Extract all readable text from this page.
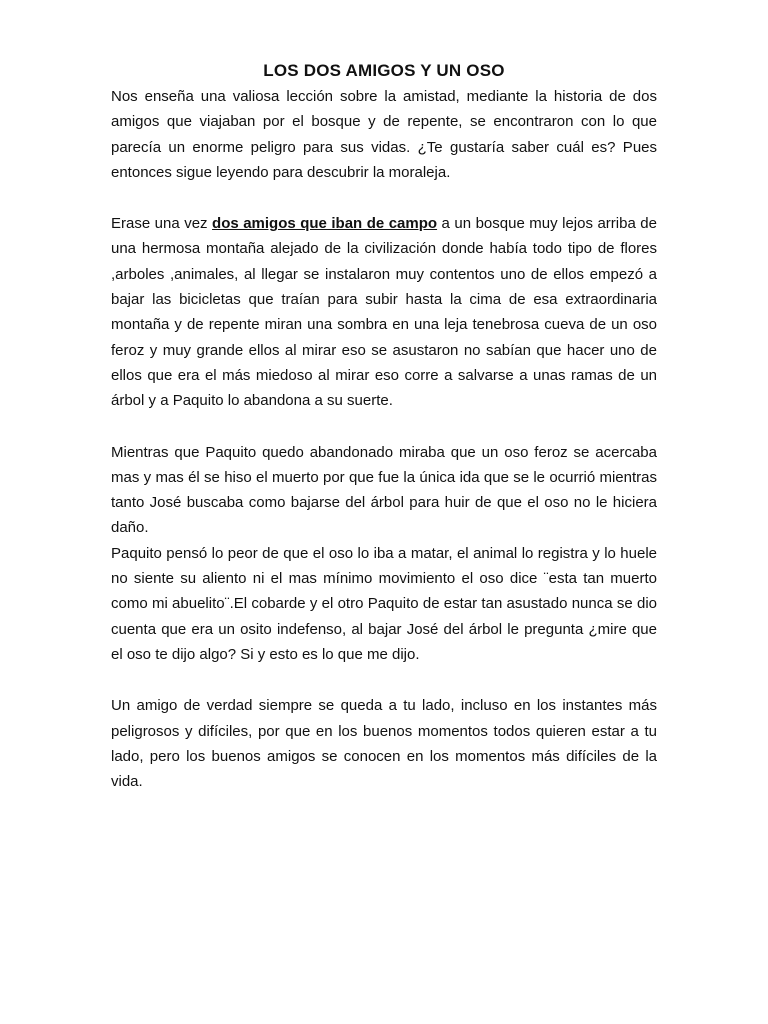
LOS DOS AMIGOS Y UN OSO

Nos enseña una valiosa lección sobre la amistad, mediante la historia de dos amigos que viajaban por el bosque y de repente, se encontraron con lo que parecía un enorme peligro para sus vidas. ¿Te gustaría saber cuál es? Pues entonces sigue leyendo para descubrir la moraleja.

Erase una vez dos amigos que iban de campo a un bosque muy lejos arriba de una hermosa montaña alejado de la civilización donde había todo tipo de flores ,arboles ,animales, al llegar se instalaron muy contentos uno de ellos empezó a bajar las bicicletas que traían para subir hasta la cima de esa extraordinaria montaña y de repente miran una sombra en una leja tenebrosa cueva de un oso feroz y muy grande ellos al mirar eso se asustaron no sabían que hacer uno de ellos que era el más miedoso al mirar eso corre a salvarse a unas ramas de un árbol y a Paquito lo abandona a su suerte.

Mientras que Paquito quedo abandonado miraba que un oso feroz se acercaba mas y mas él se hiso el muerto por que fue la única ida que se le ocurrió mientras tanto José buscaba como bajarse del árbol para huir de que el oso no le hiciera daño.

Paquito pensó lo peor de que el oso lo iba a matar, el animal lo registra y lo huele no siente su aliento ni el mas mínimo movimiento el oso dice ¨esta tan muerto como mi abuelito¨.El cobarde y el otro Paquito de estar tan asustado nunca se dio cuenta que era un osito indefenso, al bajar José del árbol le pregunta ¿mire que el oso te dijo algo? Si y esto es lo que me dijo.

Un amigo de verdad siempre se queda a tu lado, incluso en los instantes más peligrosos y difíciles, por que en los buenos momentos todos quieren estar a tu lado, pero los buenos amigos se conocen en los momentos más difíciles de la vida.
